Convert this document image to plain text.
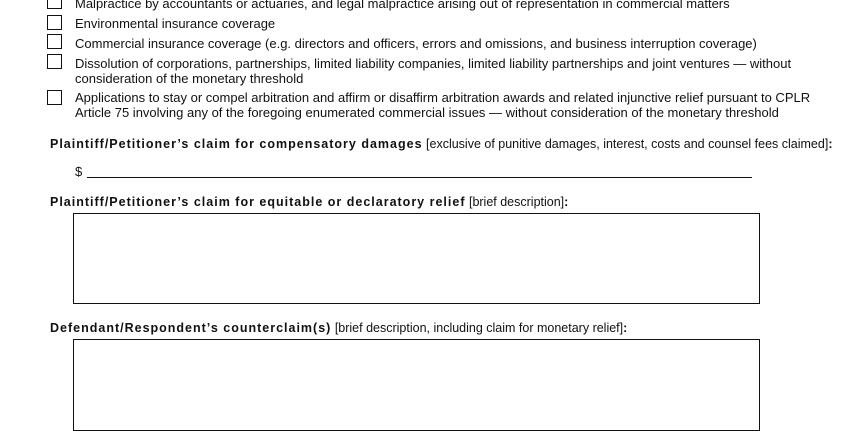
Malpractice by accountants or actuaries, and legal malpractice arising out of representation in commercial matters
Environmental insurance coverage
Commercial insurance coverage (e.g. directors and officers, errors and omissions, and business interruption coverage)
Dissolution of corporations, partnerships, limited liability companies, limited liability partnerships and joint ventures — without
consideration of the monetary threshold
Applications to stay or compel arbitration and affirm or disaffirm arbitration awards and related injunctive relief pursuant to CPLR
Article 75 involving any of the foregoing enumerated commercial issues — without consideration of the monetary threshold
Plaintiff/Petitioner’s claim for compensatory damages [exclusive of punitive damages, interest, costs and counsel fees claimed]:
$
Plaintiff/Petitioner’s claim for equitable or declaratory relief [brief description]:
Defendant/Respondent’s counterclaim(s) [brief description, including claim for monetary relief]:
